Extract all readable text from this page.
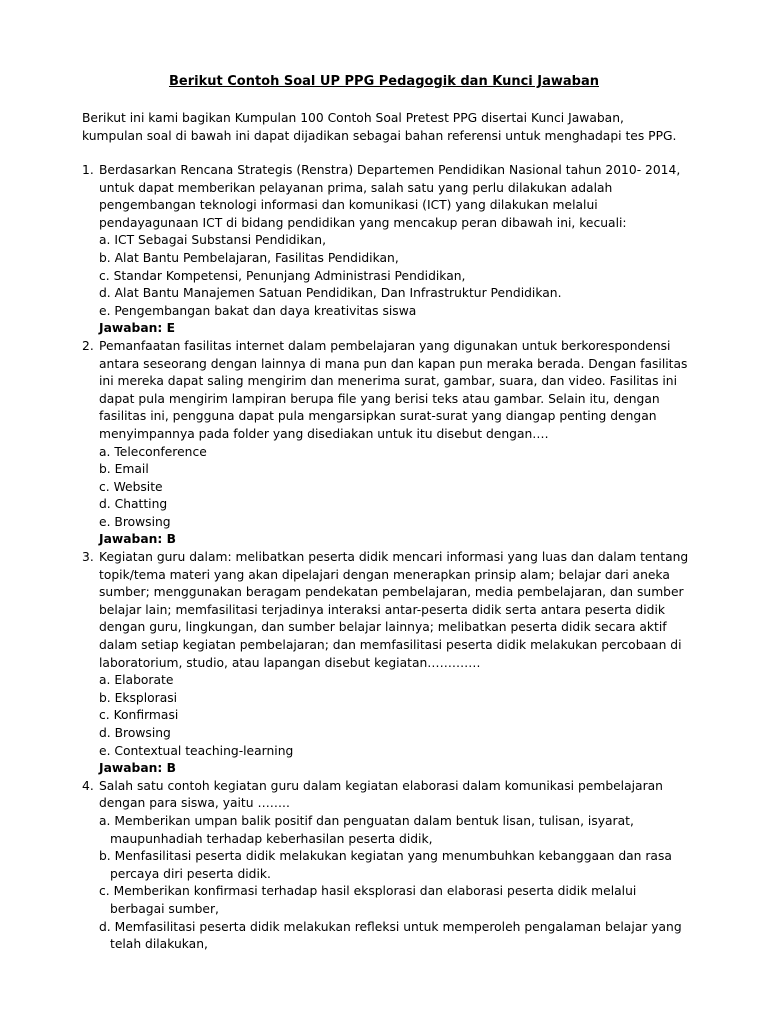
Berikut Contoh Soal UP PPG Pedagogik dan Kunci Jawaban
Berikut ini kami bagikan Kumpulan 100 Contoh Soal Pretest PPG disertai Kunci Jawaban, kumpulan soal di bawah ini dapat dijadikan sebagai bahan referensi untuk menghadapi tes PPG.
1. Berdasarkan Rencana Strategis (Renstra) Departemen Pendidikan Nasional tahun 2010- 2014, untuk dapat memberikan pelayanan prima, salah satu yang perlu dilakukan adalah pengembangan teknologi informasi dan komunikasi (ICT) yang dilakukan melalui pendayagunaan ICT di bidang pendidikan yang mencakup peran dibawah ini, kecuali:
a. ICT Sebagai Substansi Pendidikan,
b. Alat Bantu Pembelajaran, Fasilitas Pendidikan,
c. Standar Kompetensi, Penunjang Administrasi Pendidikan,
d. Alat Bantu Manajemen Satuan Pendidikan, Dan Infrastruktur Pendidikan.
e. Pengembangan bakat dan daya kreativitas siswa
Jawaban: E
2. Pemanfaatan fasilitas internet dalam pembelajaran yang digunakan untuk berkorespondensi antara seseorang dengan lainnya di mana pun dan kapan pun meraka berada. Dengan fasilitas ini mereka dapat saling mengirim dan menerima surat, gambar, suara, dan video. Fasilitas ini dapat pula mengirim lampiran berupa file yang berisi teks atau gambar. Selain itu, dengan fasilitas ini, pengguna dapat pula mengarsipkan surat-surat yang diangap penting dengan menyimpannya pada folder yang disediakan untuk itu disebut dengan….
a. Teleconference
b. Email
c. Website
d. Chatting
e. Browsing
Jawaban: B
3. Kegiatan guru dalam: melibatkan peserta didik mencari informasi yang luas dan dalam tentang topik/tema materi yang akan dipelajari dengan menerapkan prinsip alam; belajar dari aneka sumber; menggunakan beragam pendekatan pembelajaran, media pembelajaran, dan sumber belajar lain; memfasilitasi terjadinya interaksi antar-peserta didik serta antara peserta didik dengan guru, lingkungan, dan sumber belajar lainnya; melibatkan peserta didik secara aktif dalam setiap kegiatan pembelajaran; dan memfasilitasi peserta didik melakukan percobaan di laboratorium, studio, atau lapangan disebut kegiatan………….
a. Elaborate
b. Eksplorasi
c. Konfirmasi
d. Browsing
e. Contextual teaching-learning
Jawaban: B
4. Salah satu contoh kegiatan guru dalam kegiatan elaborasi dalam komunikasi pembelajaran dengan para siswa, yaitu ……..
a. Memberikan umpan balik positif dan penguatan dalam bentuk lisan, tulisan, isyarat, maupunhadiah terhadap keberhasilan peserta didik,
b. Menfasilitasi peserta didik melakukan kegiatan yang menumbuhkan kebanggaan dan rasa percaya diri peserta didik.
c. Memberikan konfirmasi terhadap hasil eksplorasi dan elaborasi peserta didik melalui berbagai sumber,
d. Memfasilitasi peserta didik melakukan refleksi untuk memperoleh pengalaman belajar yang telah dilakukan,
